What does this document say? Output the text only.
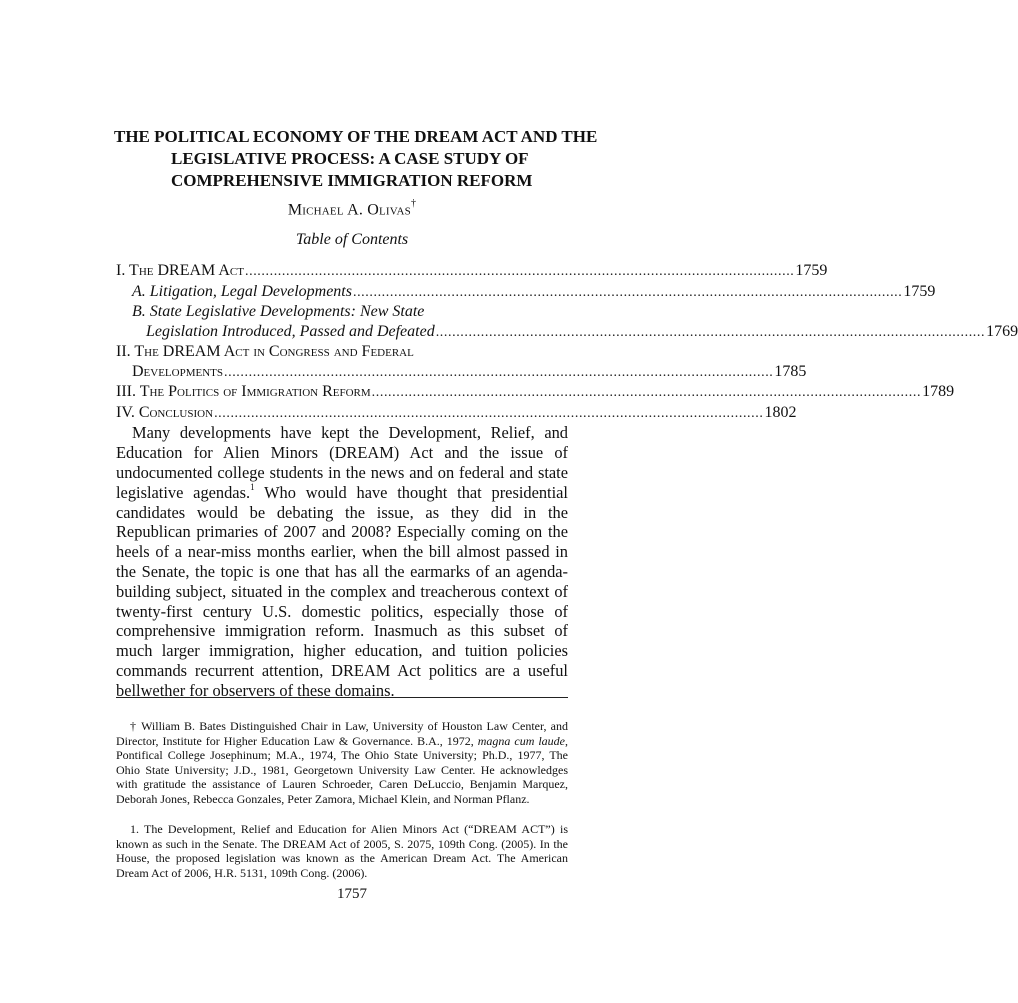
THE POLITICAL ECONOMY OF THE DREAM ACT AND THE
LEGISLATIVE PROCESS: A CASE STUDY OF
COMPREHENSIVE IMMIGRATION REFORM
Michael A. Olivas†
Table of Contents
I. The DREAM Act ...................................................................................................................................... 1759
A. Litigation, Legal Developments ...................................................................................................................................... 1759
B. State Legislative Developments: New State
Legislation Introduced, Passed and Defeated ...................................................................................................................................... 1769
II. The DREAM Act in Congress and Federal
Developments ...................................................................................................................................... 1785
III. The Politics of Immigration Reform ...................................................................................................................................... 1789
IV. Conclusion ...................................................................................................................................... 1802

Many developments have kept the Development, Relief, and Education for Alien Minors (DREAM) Act and the issue of undocumented college students in the news and on federal and state legislative agendas.$^1$ Who would have thought that presidential candidates would be debating the issue, as they did in the Republican primaries of 2007 and 2008? Especially coming on the heels of a near-miss months earlier, when the bill almost passed in the Senate, the topic is one that has all the earmarks of an agenda-building subject, situated in the complex and treacherous context of twenty-first century U.S. domestic politics, especially those of comprehensive immigration reform. Inasmuch as this subset of much larger immigration, higher education, and tuition policies commands recurrent attention, DREAM Act politics are a useful bellwether for observers of these domains.

† William B. Bates Distinguished Chair in Law, University of Houston Law Center, and Director, Institute for Higher Education Law & Governance. B.A., 1972, magna cum laude, Pontifical College Josephinum; M.A., 1974, The Ohio State University; Ph.D., 1977, The Ohio State University; J.D., 1981, Georgetown University Law Center. He acknowledges with gratitude the assistance of Lauren Schroeder, Caren DeLuccio, Benjamin Marquez, Deborah Jones, Rebecca Gonzales, Peter Zamora, Michael Klein, and Norman Pflanz.

1. The Development, Relief and Education for Alien Minors Act (“DREAM ACT”) is known as such in the Senate. The DREAM Act of 2005, S. 2075, 109th Cong. (2005). In the House, the proposed legislation was known as the American Dream Act. The American Dream Act of 2006, H.R. 5131, 109th Cong. (2006).

1757
